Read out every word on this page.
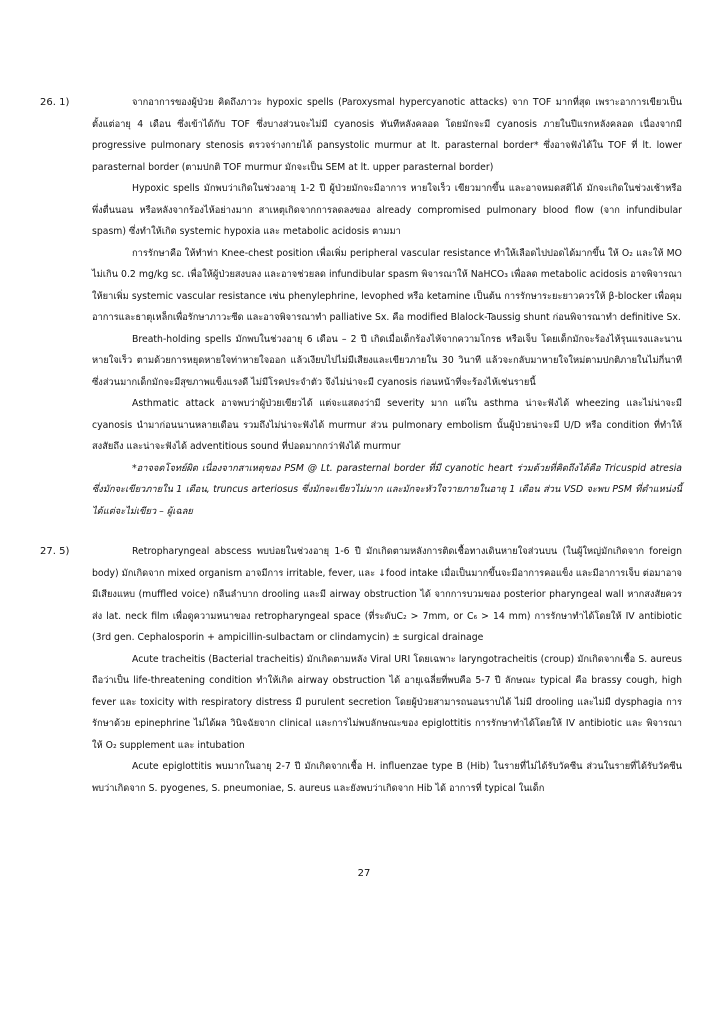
26. 1)	จากอาการของผู้ป่วย คิดถึงภาวะ hypoxic spells (Paroxysmal hypercyanotic attacks) จาก TOF มากที่สุด เพราะอาการเขียวเป็นตั้งแต่อายุ 4 เดือน ซึ่งเข้าได้กับ TOF ซึ่งบางส่วนจะไม่มี cyanosis ทันทีหลังคลอด โดยมักจะมี cyanosis ภายในปีแรกหลังคลอด เนื่องจากมี progressive pulmonary stenosis ตรวจร่างกายได้ pansystolic murmur at lt. parasternal border* ซึ่งอาจฟังได้ใน TOF ที่ lt. lower parasternal border (ตามปกติ TOF murmur มักจะเป็น SEM at lt. upper parasternal border)

Hypoxic spells มักพบว่าเกิดในช่วงอายุ 1-2 ปี ผู้ป่วยมักจะมีอาการ หายใจเร็ว เขียวมากขึ้น และอาจหมดสติได้ มักจะเกิดในช่วงเช้าหรือพึ่งตื่นนอน หรือหลังจากร้องไห้อย่างมาก สาเหตุเกิดจากการลดลงของ already compromised pulmonary blood flow (จาก infundibular spasm) ซึ่งทำให้เกิด systemic hypoxia และ metabolic acidosis ตามมา

การรักษาคือ ให้ทำท่า Knee-chest position เพื่อเพิ่ม peripheral vascular resistance ทำให้เลือดไปปอดได้มากขึ้น ให้ O₂ และให้ MO ไม่เกิน 0.2 mg/kg sc. เพื่อให้ผู้ป่วยสงบลง และอาจช่วยลด infundibular spasm พิจารณาให้ NaHCO₃ เพื่อลด metabolic acidosis อาจพิจารณาให้ยาเพิ่ม systemic vascular resistance เช่น phenylephrine, levophed หรือ ketamine เป็นต้น การรักษาระยะยาวควรให้ β-blocker เพื่อคุมอาการและธาตุเหล็กเพื่อรักษาภาวะซีด และอาจพิจารณาทำ palliative Sx. คือ modified Blalock-Taussig shunt ก่อนพิจารณาทำ definitive Sx.

Breath-holding spells มักพบในช่วงอายุ 6 เดือน – 2 ปี เกิดเมื่อเด็กร้องไห้จากความโกรธ หรือเจ็บ โดยเด็กมักจะร้องไห้รุนแรงและนาน หายใจเร็ว ตามด้วยการหยุดหายใจท่าหายใจออก แล้วเงียบไปไม่มีเสียงและเขียวภายใน 30 วินาที แล้วจะกลับมาหายใจใหม่ตามปกติภายในไม่กี่นาที ซึ่งส่วนมากเด็กมักจะมีสุขภาพแข็งแรงดี ไม่มีโรคประจำตัว จึงไม่น่าจะมี cyanosis ก่อนหน้าที่จะร้องไห้เช่นรายนี้

Asthmatic attack อาจพบว่าผู้ป่วยเขียวได้ แต่จะแสดงว่ามี severity มาก แต่ใน asthma น่าจะฟังได้ wheezing และไม่น่าจะมี cyanosis นำมาก่อนนานหลายเดือน รวมถึงไม่น่าจะฟังได้ murmur ส่วน pulmonary embolism นั้นผู้ป่วยน่าจะมี U/D หรือ condition ที่ทำให้สงสัยถึง และน่าจะฟังได้ adventitious sound ที่ปอดมากกว่าฟังได้ murmur

*อาจจดโจทย์ผิด เนื่องจากสาเหตุของ PSM @ Lt. parasternal border ที่มี cyanotic heart ร่วมด้วยที่คิดถึงได้คือ Tricuspid atresia ซึ่งมักจะเขียวภายใน 1 เดือน, truncus arteriosus ซึ่งมักจะเขียวไม่มาก และมักจะหัวใจวายภายในอายุ 1 เดือน ส่วน VSD จะพบ PSM ที่ตำแหน่งนี้ได้แต่จะไม่เขียว – ผู้เฉลย

27. 5)	Retropharyngeal abscess พบบ่อยในช่วงอายุ 1-6 ปี มักเกิดตามหลังการติดเชื้อทางเดินหายใจส่วนบน (ในผู้ใหญ่มักเกิดจาก foreign body) มักเกิดจาก mixed organism อาจมีการ irritable, fever, และ ↓food intake เมื่อเป็นมากขึ้นจะมีอาการคอแข็ง และมีอาการเจ็บ ต่อมาอาจมีเสียงแหบ (muffled voice) กลืนลำบาก drooling และมี airway obstruction ได้ จากการบวมของ posterior pharyngeal wall หากสงสัยควรส่ง lat. neck film เพื่อดูความหนาของ retropharyngeal space (ที่ระดับC₂ > 7mm, or C₆ > 14 mm) การรักษาทำได้โดยให้ IV antibiotic (3rd gen. Cephalosporin + ampicillin-sulbactam or clindamycin) ± surgical drainage

Acute tracheitis (Bacterial tracheitis) มักเกิดตามหลัง Viral URI โดยเฉพาะ laryngotracheitis (croup) มักเกิดจากเชื้อ S. aureus ถือว่าเป็น life-threatening condition ทำให้เกิด airway obstruction ได้ อายุเฉลี่ยที่พบคือ 5-7 ปี ลักษณะ typical คือ brassy cough, high fever และ toxicity with respiratory distress มี purulent secretion โดยผู้ป่วยสามารถนอนราบได้ ไม่มี drooling และไม่มี dysphagia การรักษาด้วย epinephrine ไม่ได้ผล วินิจฉัยจาก clinical และการไม่พบลักษณะของ epiglottitis การรักษาทำได้โดยให้ IV antibiotic และ พิจารณาให้ O₂ supplement และ intubation

Acute epiglottitis พบมากในอายุ 2-7 ปี มักเกิดจากเชื้อ H. influenzae type B (Hib) ในรายที่ไม่ได้รับวัคซีน ส่วนในรายที่ได้รับวัคซีนพบว่าเกิดจาก S. pyogenes, S. pneumoniae, S. aureus และยังพบว่าเกิดจาก Hib ได้ อาการที่ typical ในเด็ก

27
